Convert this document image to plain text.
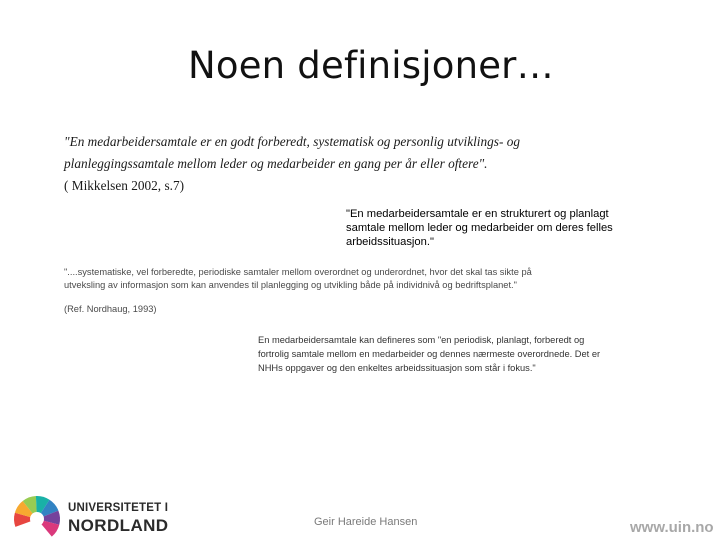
Noen definisjoner…
"En medarbeidersamtale er en godt forberedt, systematisk og personlig utviklings- og
planleggingssamtale mellom leder og medarbeider en gang per år eller oftere".
( Mikkelsen 2002, s.7)
"En medarbeidersamtale er en strukturert og planlagt
samtale mellom leder og medarbeider om deres felles
arbeidssituasjon."
"....systematiske, vel forberedte, periodiske samtaler mellom overordnet og underordnet, hvor det skal tas sikte på
utveksling av informasjon som kan anvendes til planlegging og utvikling både på individnivå og bedriftsplanet."
(Ref. Nordhaug, 1993)
En medarbeidersamtale kan defineres som "en periodisk, planlagt, forberedt og
fortrolig samtale mellom en medarbeider og dennes nærmeste overordnede. Det er
NHHs oppgaver og den enkeltes arbeidssituasjon som står i fokus."
UNIVERSITETET I
NORDLAND	Geir Hareide Hansen	www.uin.no
